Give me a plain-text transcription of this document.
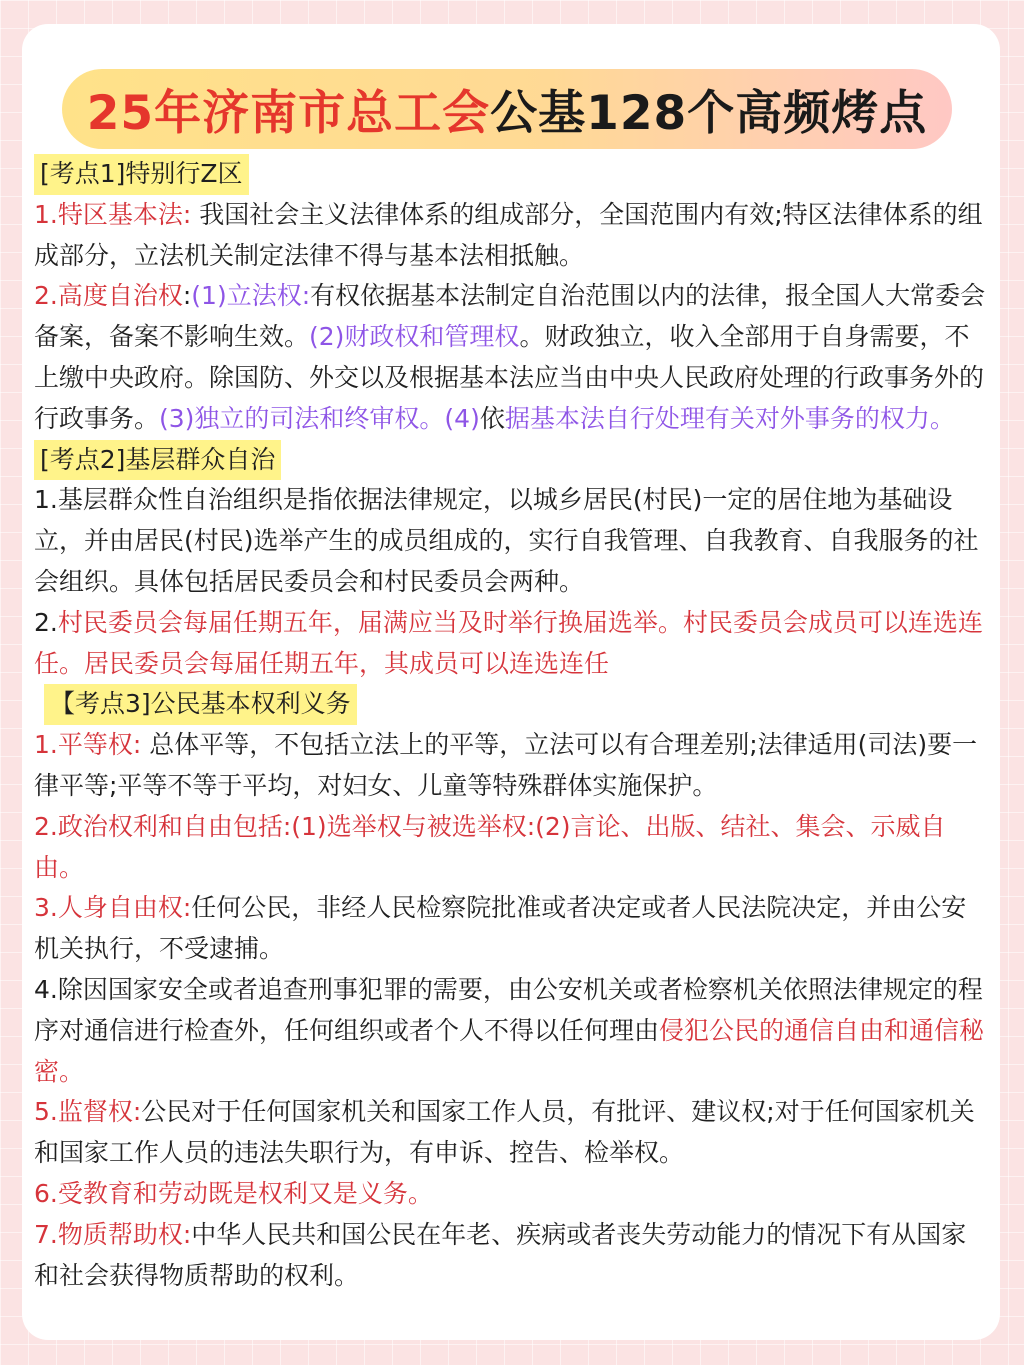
25年济南市总工会 公基128个高频烤点
[考点1]特别行Z区

1.特区基本法: 我国社会主义法律体系的组成部分，全国范围内有效;特区法律体系的组成部分，立法机关制定法律不得与基本法相抵触。

2.高度自治权:(1)立法权:有权依据基本法制定自治范围以内的法律，报全国人大常委会备案，备案不影响生效。(2)财政权和管理权。财政独立，收入全部用于自身需要，不上缴中央政府。除国防、外交以及根据基本法应当由中央人民政府处理的行政事务外的行政事务。(3)独立的司法和终审权。(4)依据基本法自行处理有关对外事务的权力。

[考点2]基层群众自治

1.基层群众性自治组织是指依据法律规定，以城乡居民(村民)一定的居住地为基础设立，并由居民(村民)选举产生的成员组成的，实行自我管理、自我教育、自我服务的社会组织。具体包括居民委员会和村民委员会两种。

2.村民委员会每届任期五年，届满应当及时举行换届选举。村民委员会成员可以连选连任。居民委员会每届任期五年，其成员可以连选连任

【考点3]公民基本权利义务

1.平等权: 总体平等，不包括立法上的平等，立法可以有合理差别;法律适用(司法)要一律平等;平等不等于平均，对妇女、儿童等特殊群体实施保护。

2.政治权利和自由包括:(1)选举权与被选举权:(2)言论、出版、结社、集会、示威自由。

3.人身自由权:任何公民，非经人民检察院批准或者决定或者人民法院决定，并由公安机关执行，不受逮捕。

4.除因国家安全或者追查刑事犯罪的需要，由公安机关或者检察机关依照法律规定的程序对通信进行检查外，任何组织或者个人不得以任何理由侵犯公民的通信自由和通信秘密。

5.监督权:公民对于任何国家机关和国家工作人员，有批评、建议权;对于任何国家机关和国家工作人员的违法失职行为，有申诉、控告、检举权。

6.受教育和劳动既是权利又是义务。

7.物质帮助权:中华人民共和国公民在年老、疾病或者丧失劳动能力的情况下有从国家和社会获得物质帮助的权利。
